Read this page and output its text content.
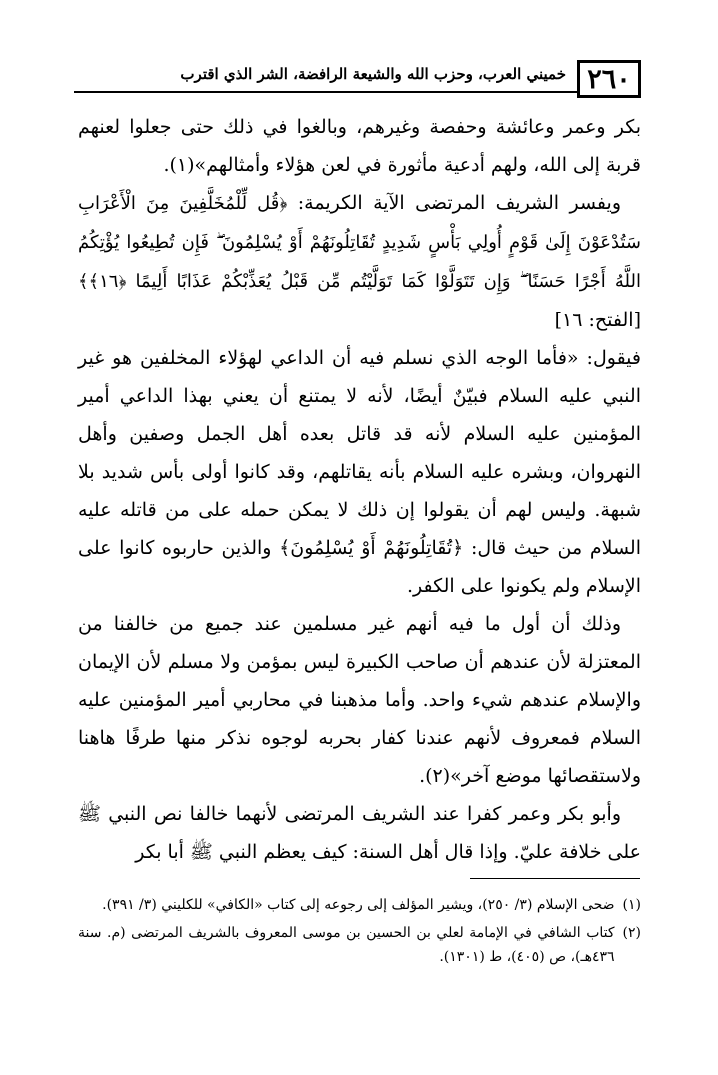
٢٦٠
خميني العرب، وحزب الله والشيعة الرافضة، الشر الذي اقترب

بكر وعمر وعائشة وحفصة وغيرهم، وبالغوا في ذلك حتى جعلوا لعنهم قربة إلى الله، ولهم أدعية مأثورة في لعن هؤلاء وأمثالهم»(١).

ويفسر الشريف المرتضى الآية الكريمة: ﴿قُل لِّلْمُخَلَّفِينَ مِنَ الْأَعْرَابِ سَتُدْعَوْنَ إِلَىٰ قَوْمٍ أُولِي بَأْسٍ شَدِيدٍ تُقَاتِلُونَهُمْ أَوْ يُسْلِمُونَ ۖ فَإِن تُطِيعُوا يُؤْتِكُمُ اللَّهُ أَجْرًا حَسَنًا ۖ وَإِن تَتَوَلَّوْا كَمَا تَوَلَّيْتُم مِّن قَبْلُ يُعَذِّبْكُمْ عَذَابًا أَلِيمًا ﴿١٦﴾﴾ [الفتح: ١٦]

فيقول: «فأما الوجه الذي نسلم فيه أن الداعي لهؤلاء المخلفين هو غير النبي عليه السلام فبيّنٌ أيضًا، لأنه لا يمتنع أن يعني بهذا الداعي أمير المؤمنين عليه السلام لأنه قد قاتل بعده أهل الجمل وصفين وأهل النهروان، وبشره عليه السلام بأنه يقاتلهم، وقد كانوا أولى بأس شديد بلا شبهة. وليس لهم أن يقولوا إن ذلك لا يمكن حمله على من قاتله عليه السلام من حيث قال: ﴿تُقَاتِلُونَهُمْ أَوْ يُسْلِمُونَ﴾ والذين حاربوه كانوا على الإسلام ولم يكونوا على الكفر.

وذلك أن أول ما فيه أنهم غير مسلمين عند جميع من خالفنا من المعتزلة لأن عندهم أن صاحب الكبيرة ليس بمؤمن ولا مسلم لأن الإيمان والإسلام عندهم شيء واحد. وأما مذهبنا في محاربي أمير المؤمنين عليه السلام فمعروف لأنهم عندنا كفار بحربه لوجوه نذكر منها طرفًا هاهنا ولاستقصائها موضع آخر»(٢).

وأبو بكر وعمر كفرا عند الشريف المرتضى لأنهما خالفا نص النبي ﷺ على خلافة عليّ. وإذا قال أهل السنة: كيف يعظم النبي ﷺ أبا بكر

(١)
ضحى الإسلام (٣/ ٢٥٠)، ويشير المؤلف إلى رجوعه إلى كتاب «الكافي» للكليني (٣/ ٣٩١).
(٢)
كتاب الشافي في الإمامة لعلي بن الحسين بن موسى المعروف بالشريف المرتضى (م. سنة ٤٣٦هـ)، ص (٤٠٥)، ط (١٣٠١).
